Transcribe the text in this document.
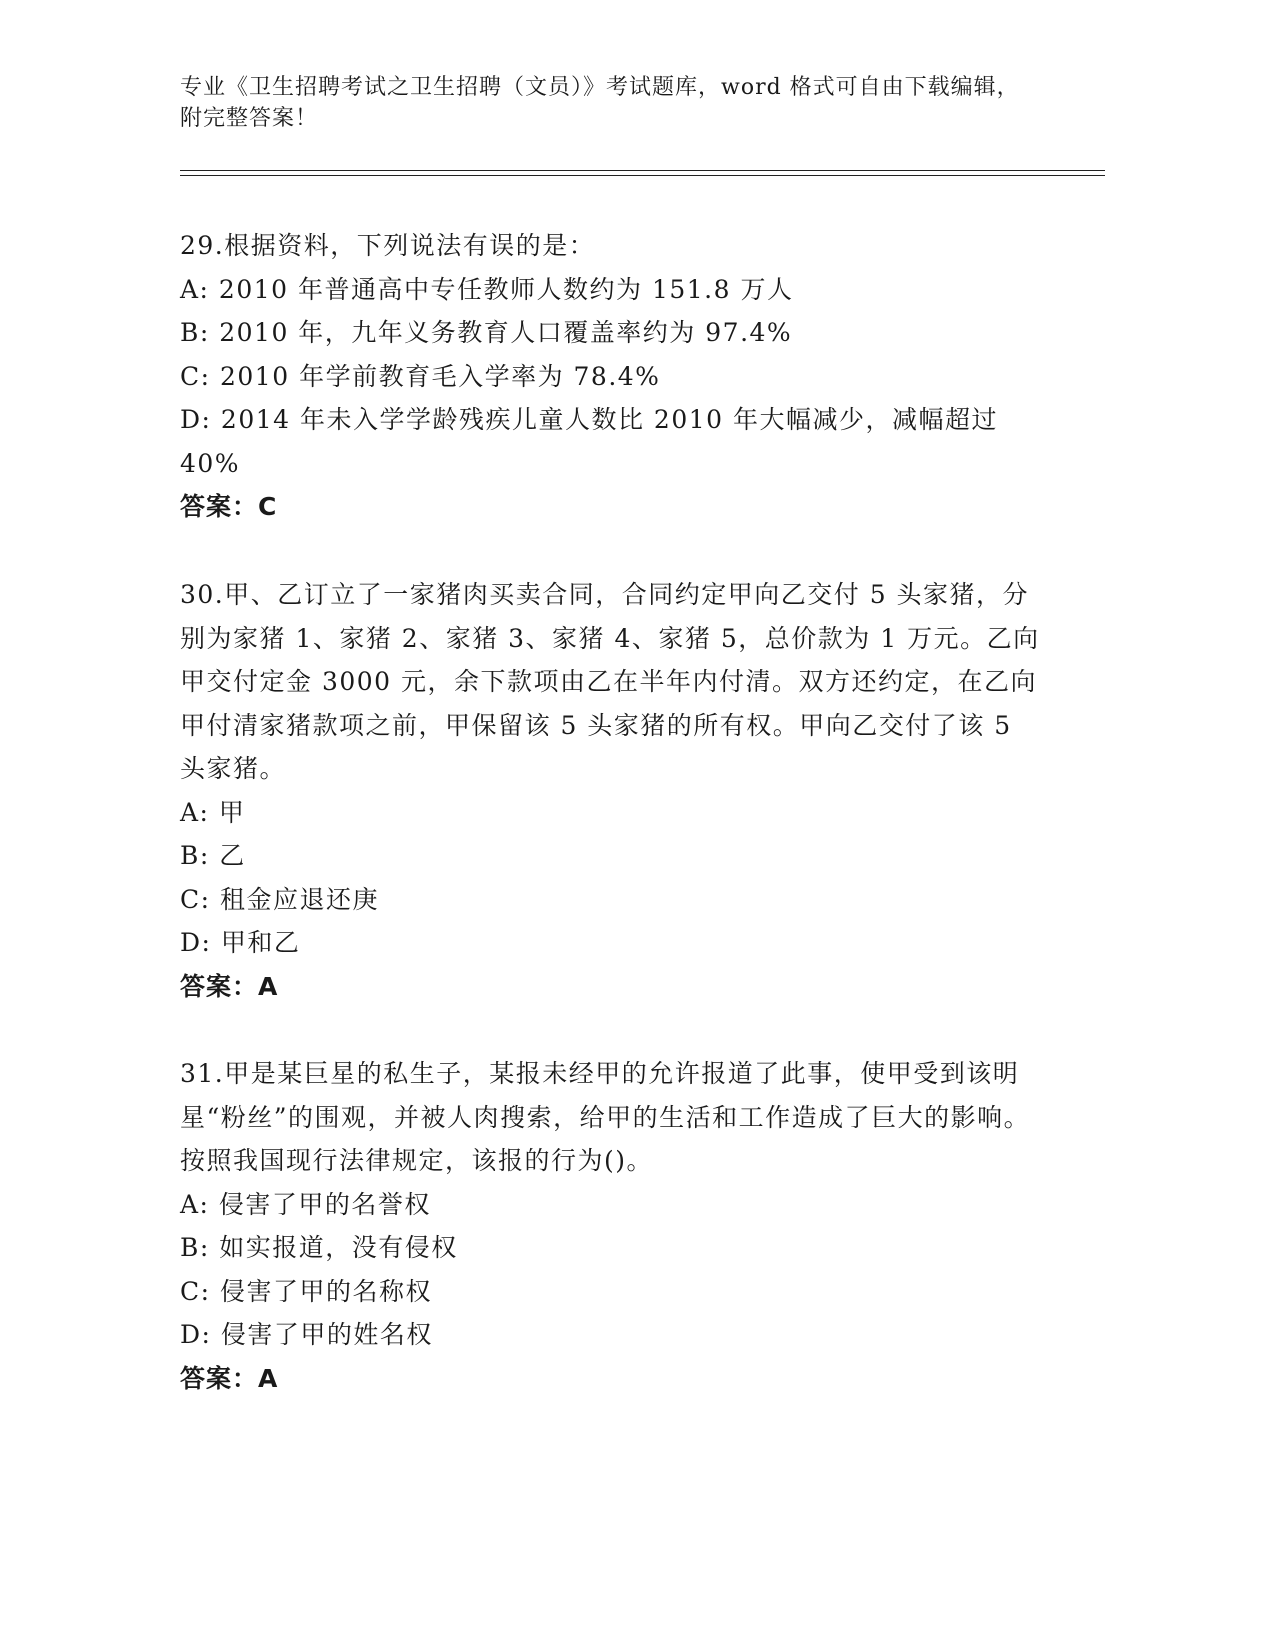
专业《卫生招聘考试之卫生招聘（文员）》考试题库，word 格式可自由下载编辑，附完整答案！

29.根据资料，下列说法有误的是：

A: 2010 年普通高中专任教师人数约为 151.8 万人

B: 2010 年，九年义务教育人口覆盖率约为 97.4%

C: 2010 年学前教育毛入学率为 78.4%

D: 2014 年未入学学龄残疾儿童人数比 2010 年大幅减少，减幅超过 40%

答案：C

30.甲、乙订立了一家猪肉买卖合同，合同约定甲向乙交付 5 头家猪，分别为家猪 1、家猪 2、家猪 3、家猪 4、家猪 5，总价款为 1 万元。乙向甲交付定金 3000 元，余下款项由乙在半年内付清。双方还约定，在乙向甲付清家猪款项之前，甲保留该 5 头家猪的所有权。甲向乙交付了该 5 头家猪。

A: 甲

B: 乙

C: 租金应退还庚

D: 甲和乙

答案：A

31.甲是某巨星的私生子，某报未经甲的允许报道了此事，使甲受到该明星“粉丝”的围观，并被人肉搜索，给甲的生活和工作造成了巨大的影响。按照我国现行法律规定，该报的行为()。

A: 侵害了甲的名誉权

B: 如实报道，没有侵权

C: 侵害了甲的名称权

D: 侵害了甲的姓名权

答案：A
